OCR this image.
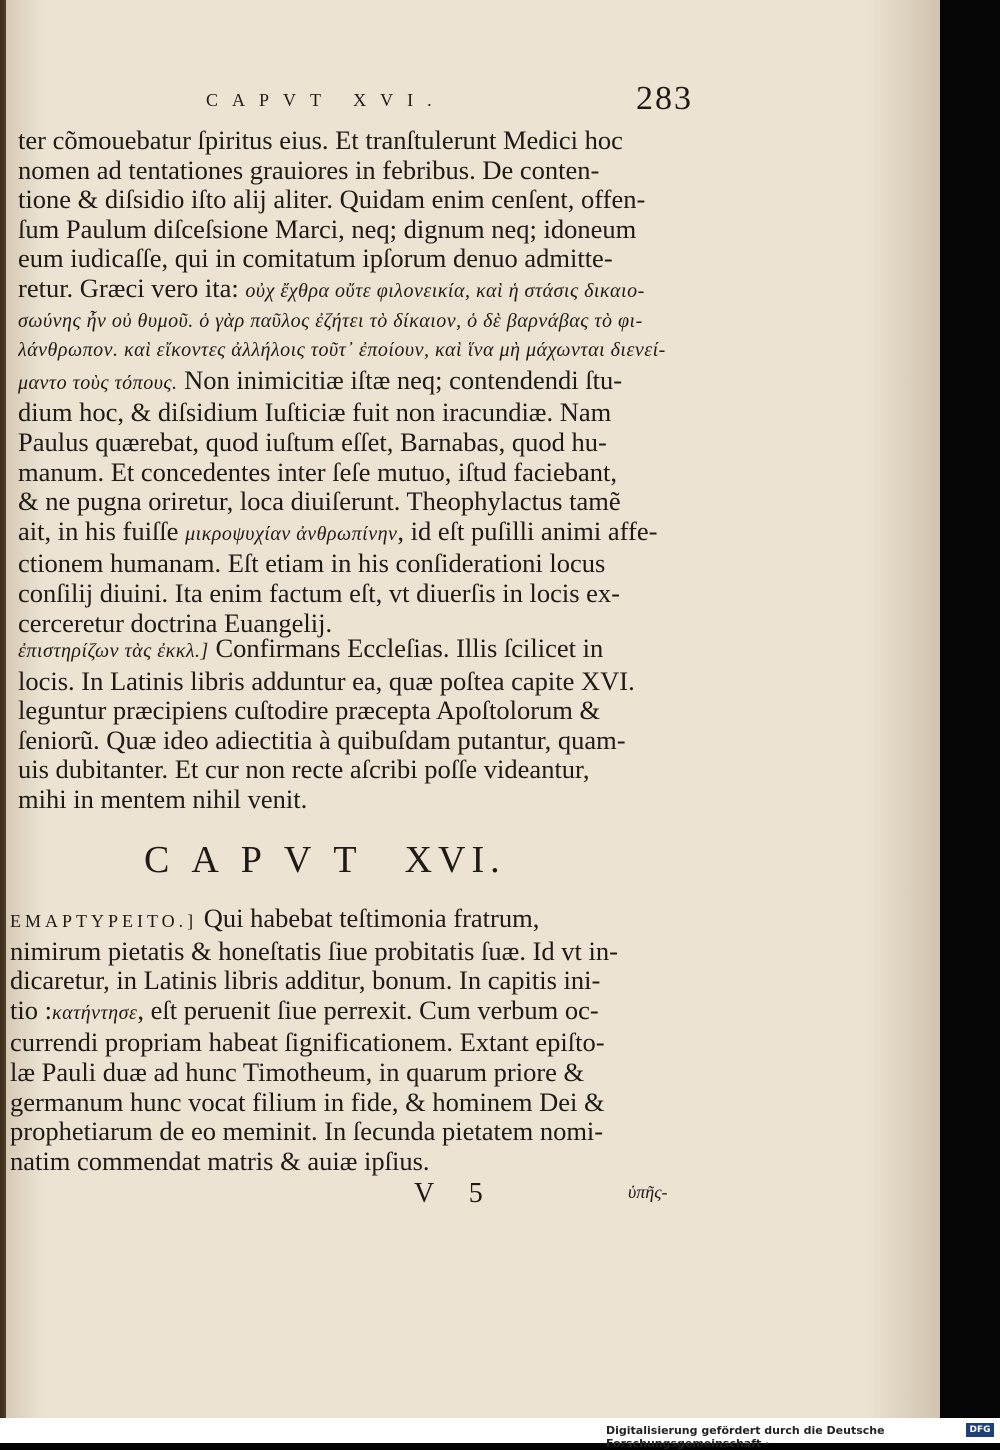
CAPVT XVI.	283
ter cõmouebatur ſpiritus eius. Et tranſtulerunt Medici hoc
nomen ad tentationes grauiores in febribus. De conten-
tione & diſsidio iſto alij aliter. Quidam enim cenſent, offen-
ſum Paulum diſceſsione Marci, neq; dignum neq; idoneum
eum iudicaſſe, qui in comitatum ipſorum denuo admitte-
retur. Græci vero ita: οὐχ ἔχθρα οὔτε φιλονεικία, καὶ ἡ στάσις δικαιο-
σωύνης ἦν οὐ θυμοῦ. ὁ γὰρ παῦλος ἐζήτει τὸ δίκαιον, ὁ δὲ βαρνάβας τὸ φι-
λάνθρωπον. καὶ εἴκοντες ἀλλήλοις τοῦτ᾽ ἐποίουν, καὶ ἵνα μὴ μάχωνται διενεί-
μαντο τοὺς τόπους. Non inimicitiæ iſtæ neq; contendendi ſtu-
dium hoc, & diſsidium Iuſticiæ fuit non iracundiæ. Nam
Paulus quærebat, quod iuſtum eſſet, Barnabas, quod hu-
manum. Et concedentes inter ſeſe mutuo, iſtud faciebant,
& ne pugna oriretur, loca diuiſerunt. Theophylactus tamẽ
ait, in his fuiſſe μικροψυχίαν ἀνθρωπίνην, id eſt puſilli animi affe-
ctionem humanam. Eſt etiam in his conſiderationi locus
conſilij diuini. Ita enim factum eſt, vt diuerſis in locis ex-
cerceretur doctrina Euangelij.
ἐπιστηρίζων τὰς ἐκκλ.] Confirmans Eccleſias. Illis ſcilicet in
locis. In Latinis libris adduntur ea, quæ poſtea capite XVI.
leguntur præcipiens cuſtodire præcepta Apoſtolorum &
ſeniorũ. Quæ ideo adiectitia à quibuſdam putantur, quam-
uis dubitanter. Et cur non recte aſcribi poſſe videantur,
mihi in mentem nihil venit.
CAPVT XVI.
ΕΜΑΡΤΥΡΕΙΤΟ.] Qui habebat teſtimonia fratrum,
nimirum pietatis & honeſtatis ſiue probitatis ſuæ. Id vt in-
dicaretur, in Latinis libris additur, bonum. In capitis ini-
tio :κατήντησε, eſt peruenit ſiue perrexit. Cum verbum oc-
currendi propriam habeat ſignificationem. Extant epiſto-
læ Pauli duæ ad hunc Timotheum, in quarum priore &
germanum hunc vocat filium in fide, & hominem Dei &
prophetiarum de eo meminit. In ſecunda pietatem nomi-
natim commendat matris & auiæ ipſius.
V 5	ὑπῆς-
Digitalisierung gefördert durch die Deutsche Forschungsgemeinschaft ·
DFG
